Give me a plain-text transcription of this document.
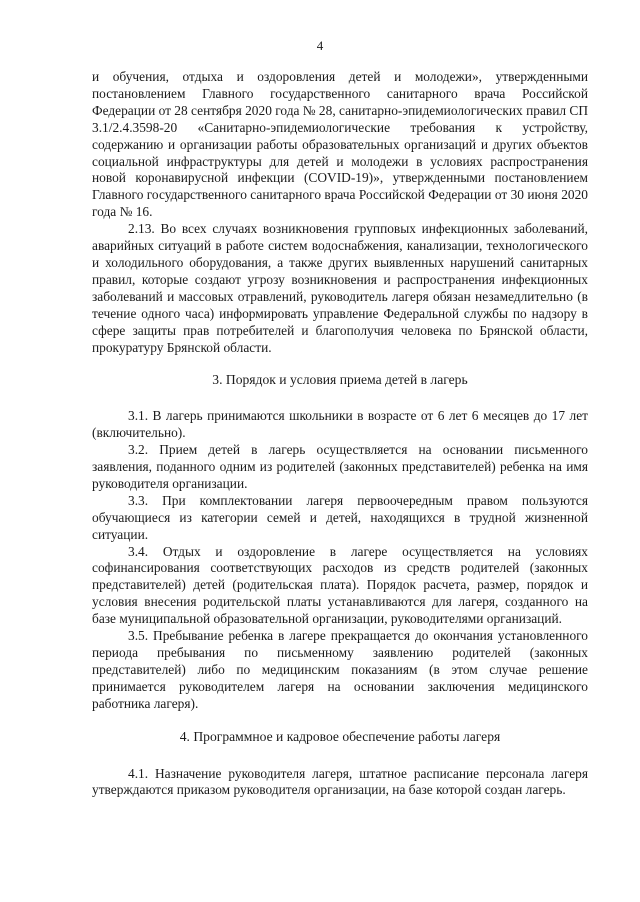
4

и обучения, отдыха и оздоровления детей и молодежи», утвержденными постановлением Главного государственного санитарного врача Российской Федерации от 28 сентября 2020 года № 28, санитарно-эпидемиологических правил СП 3.1/2.4.3598-20 «Санитарно-эпидемиологические требования к устройству, содержанию и организации работы образовательных организаций и других объектов социальной инфраструктуры для детей и молодежи в условиях распространения новой коронавирусной инфекции (COVID-19)», утвержденными постановлением Главного государственного санитарного врача Российской Федерации от 30 июня 2020 года № 16.

2.13. Во всех случаях возникновения групповых инфекционных заболеваний, аварийных ситуаций в работе систем водоснабжения, канализации, технологического и холодильного оборудования, а также других выявленных нарушений санитарных правил, которые создают угрозу возникновения и распространения инфекционных заболеваний и массовых отравлений, руководитель лагеря обязан незамедлительно (в течение одного часа) информировать управление Федеральной службы по надзору в сфере защиты прав потребителей и благополучия человека по Брянской области, прокуратуру Брянской области.

3. Порядок и условия приема детей в лагерь

3.1. В лагерь принимаются школьники в возрасте от 6 лет 6 месяцев до 17 лет (включительно).

3.2. Прием детей в лагерь осуществляется на основании письменного заявления, поданного одним из родителей (законных представителей) ребенка на имя руководителя организации.

3.3. При комплектовании лагеря первоочередным правом пользуются обучающиеся из категории семей и детей, находящихся в трудной жизненной ситуации.

3.4. Отдых и оздоровление в лагере осуществляется на условиях софинансирования соответствующих расходов из средств родителей (законных представителей) детей (родительская плата). Порядок расчета, размер, порядок и условия внесения родительской платы устанавливаются для лагеря, созданного на базе муниципальной образовательной организации, руководителями организаций.

3.5. Пребывание ребенка в лагере прекращается до окончания установленного периода пребывания по письменному заявлению родителей (законных представителей) либо по медицинским показаниям (в этом случае решение принимается руководителем лагеря на основании заключения медицинского работника лагеря).

4. Программное и кадровое обеспечение работы лагеря

4.1. Назначение руководителя лагеря, штатное расписание персонала лагеря утверждаются приказом руководителя организации, на базе которой создан лагерь.
